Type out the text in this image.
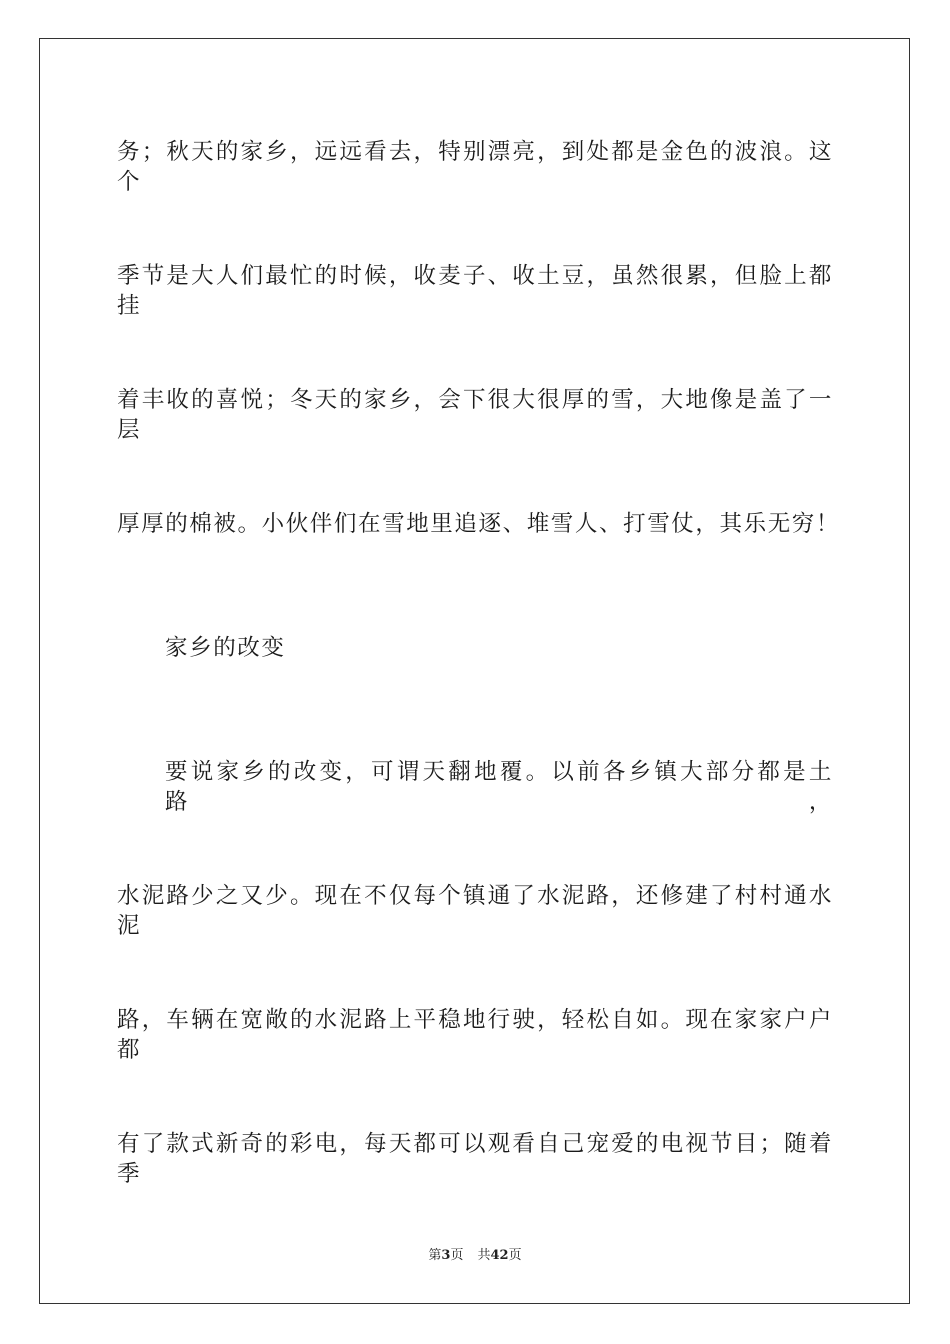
务；秋天的家乡，远远看去，特别漂亮，到处都是金色的波浪。这个
季节是大人们最忙的时候，收麦子、收土豆，虽然很累，但脸上都挂
着丰收的喜悦；冬天的家乡，会下很大很厚的雪，大地像是盖了一层
厚厚的棉被。小伙伴们在雪地里追逐、堆雪人、打雪仗，其乐无穷！
家乡的改变
要说家乡的改变，可谓天翻地覆。以前各乡镇大部分都是土路，
水泥路少之又少。现在不仅每个镇通了水泥路，还修建了村村通水泥
路，车辆在宽敞的水泥路上平稳地行驶，轻松自如。现在家家户户都
有了款式新奇的彩电，每天都可以观看自己宠爱的电视节目；随着季
第3页 共42页
